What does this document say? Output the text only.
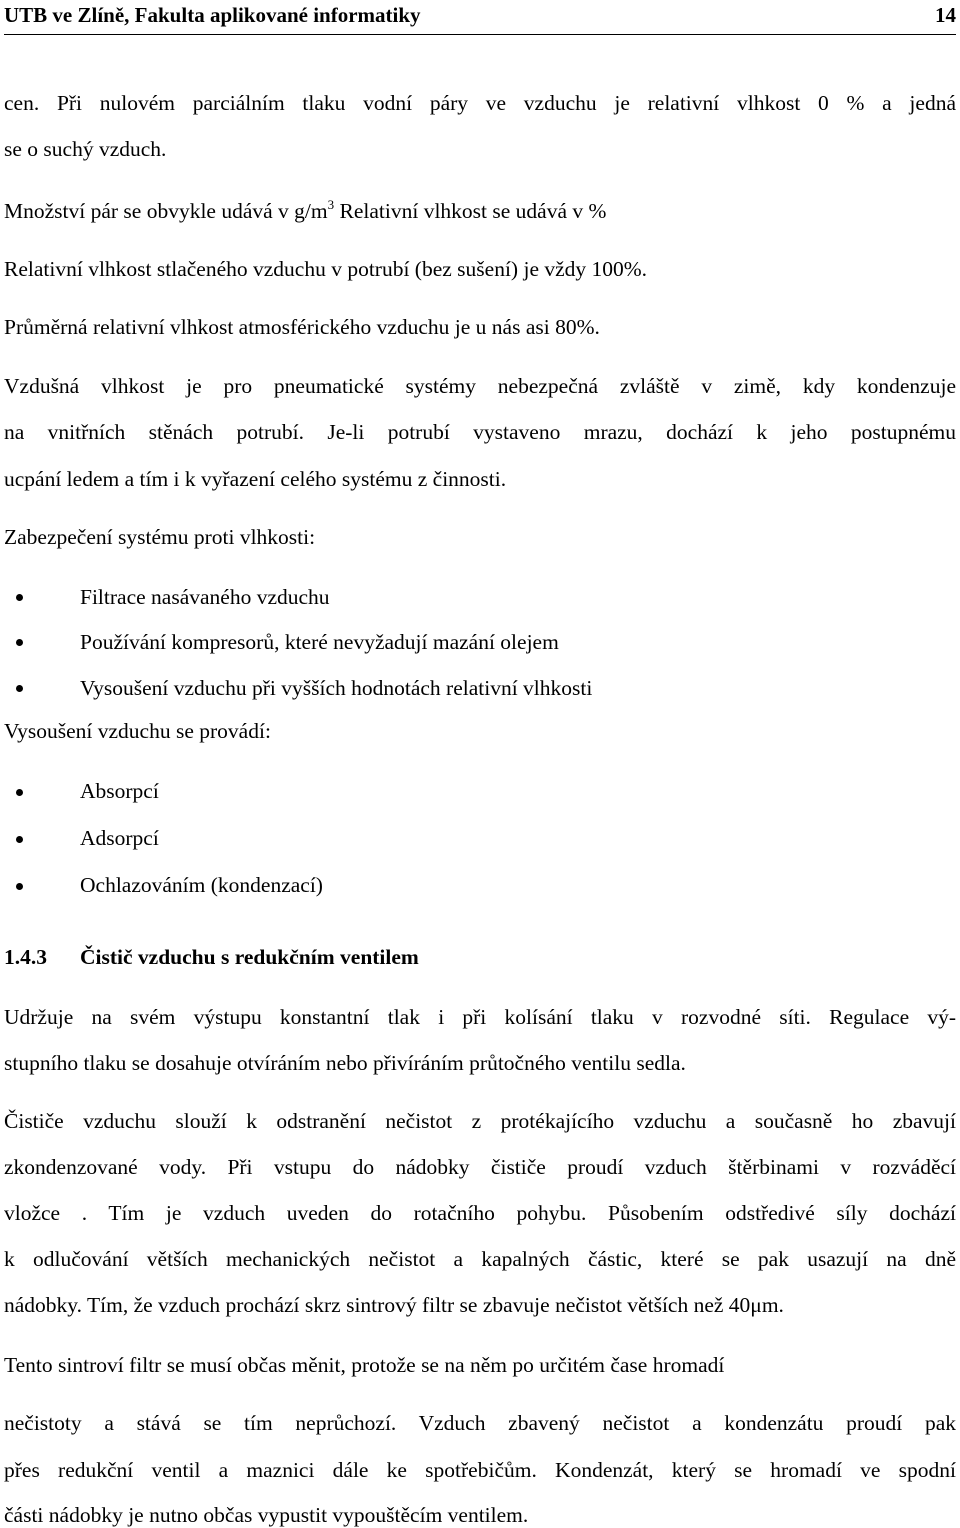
UTB ve Zlíně, Fakulta aplikované informatiky	14
cen. Při nulovém parciálním tlaku vodní páry ve vzduchu je relativní vlhkost 0 % a jedná
se o suchý vzduch.
Množství pár se obvykle udává v $g/m^3$ Relativní vlhkost se udává v %
Relativní vlhkost stlačeného vzduchu v potrubí (bez sušení) je vždy 100%.
Průměrná relativní vlhkost atmosférického vzduchu je u nás asi 80%.
Vzdušná vlhkost je pro pneumatické systémy nebezpečná zvláště v zimě, kdy kondenzuje
na vnitřních stěnách potrubí. Je-li potrubí vystaveno mrazu, dochází k jeho postupnému
ucpání ledem a tím i k vyřazení celého systému z činnosti.
Zabezpečení systému proti vlhkosti:
Filtrace nasávaného vzduchu
Používání kompresorů, které nevyžadují mazání olejem
Vysoušení vzduchu při vyšších hodnotách relativní vlhkosti
Vysoušení vzduchu se provádí:
Absorpcí
Adsorpcí
Ochlazováním (kondenzací)
1.4.3 Čistič vzduchu s redukčním ventilem
Udržuje na svém výstupu konstantní tlak i při kolísání tlaku v rozvodné síti. Regulace vý-
stupního tlaku se dosahuje otvíráním nebo přivíráním průtočného ventilu sedla.
Čističe vzduchu slouží k odstranění nečistot z protékajícího vzduchu a současně ho zbavují
zkondenzované vody. Při vstupu do nádobky čističe proudí vzduch štěrbinami v rozváděcí
vložce . Tím je vzduch uveden do rotačního pohybu. Působením odstředivé síly dochází
k odlučování větších mechanických nečistot a kapalných částic, které se pak usazují na dně
nádobky. Tím, že vzduch prochází skrz sintrový filtr se zbavuje nečistot větších než 40μm.
Tento sintroví filtr se musí občas měnit, protože se na něm po určitém čase hromadí
nečistoty a stává se tím neprůchozí. Vzduch zbavený nečistot a kondenzátu proudí pak
přes redukční ventil a maznici dále ke spotřebičům. Kondenzát, který se hromadí ve spodní
části nádobky je nutno občas vypustit vypouštěcím ventilem.
